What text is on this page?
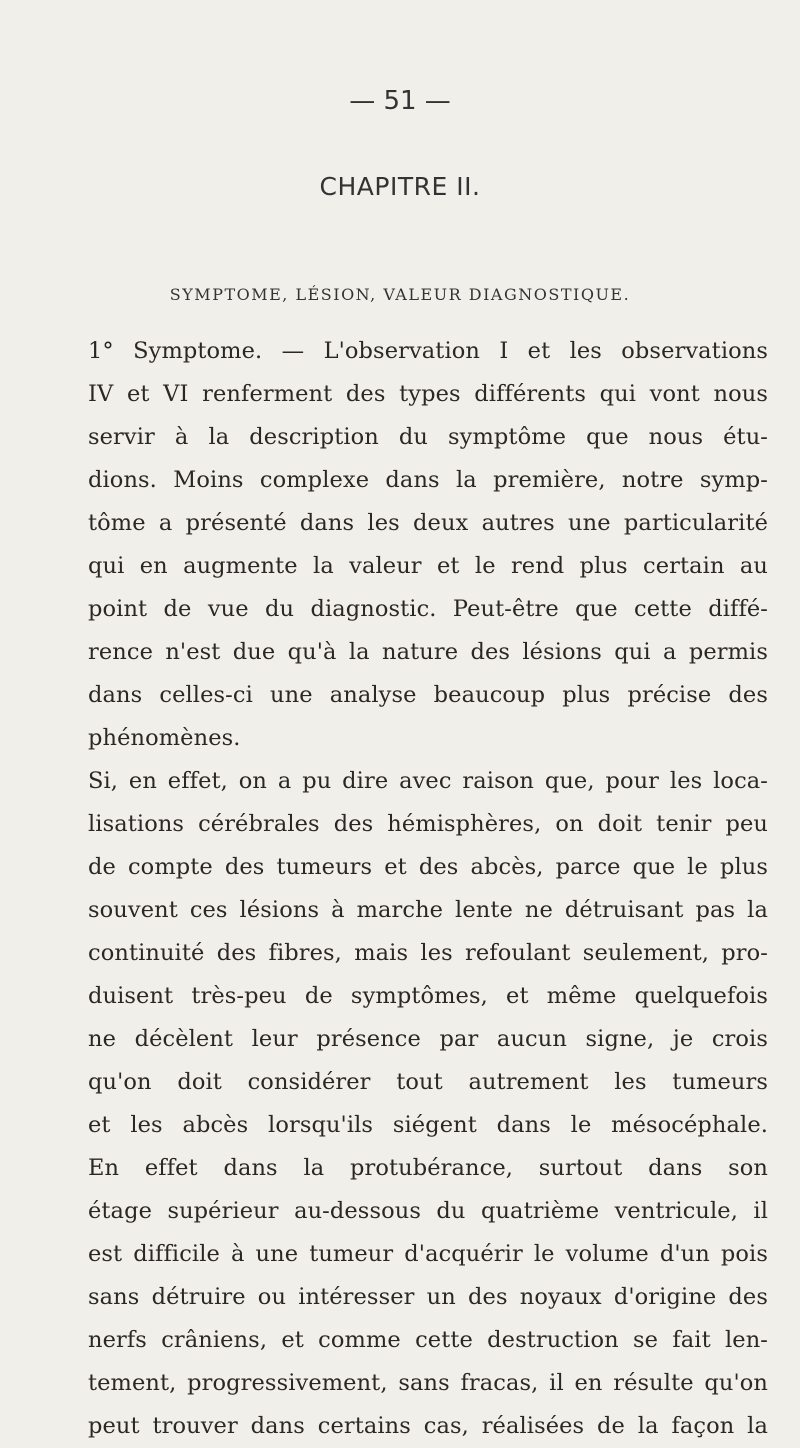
— 51 —
CHAPITRE II.
SYMPTOME, LÉSION, VALEUR DIAGNOSTIQUE.
1° Symptome. — L'observation I et les observations
IV et VI renferment des types différents qui vont nous
servir à la description du symptôme que nous étu-
dions. Moins complexe dans la première, notre symp-
tôme a présenté dans les deux autres une particularité
qui en augmente la valeur et le rend plus certain au
point de vue du diagnostic. Peut-être que cette diffé-
rence n'est due qu'à la nature des lésions qui a permis
dans celles-ci une analyse beaucoup plus précise des
phénomènes.
Si, en effet, on a pu dire avec raison que, pour les loca-
lisations cérébrales des hémisphères, on doit tenir peu
de compte des tumeurs et des abcès, parce que le plus
souvent ces lésions à marche lente ne détruisant pas la
continuité des fibres, mais les refoulant seulement, pro-
duisent très-peu de symptômes, et même quelquefois
ne décèlent leur présence par aucun signe, je crois
qu'on doit considérer tout autrement les tumeurs
et les abcès lorsqu'ils siégent dans le mésocéphale.
En effet dans la protubérance, surtout dans son
étage supérieur au-dessous du quatrième ventricule, il
est difficile à une tumeur d'acquérir le volume d'un pois
sans détruire ou intéresser un des noyaux d'origine des
nerfs crâniens, et comme cette destruction se fait len-
tement, progressivement, sans fracas, il en résulte qu'on
peut trouver dans certains cas, réalisées de la façon la
